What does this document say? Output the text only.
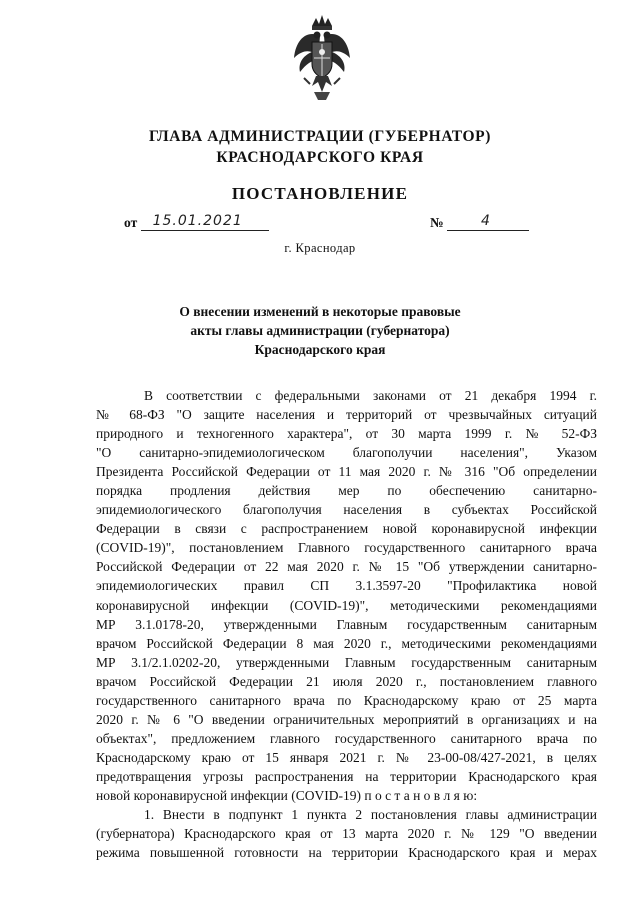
ГЛАВА АДМИНИСТРАЦИИ (ГУБЕРНАТОР)
КРАСНОДАРСКОГО КРАЯ
ПОСТАНОВЛЕНИЕ
от 15.01.2021	№	4
г. Краснодар
О внесении изменений в некоторые правовые
акты главы администрации (губернатора)
Краснодарского края
В соответствии с федеральными законами от 21 декабря 1994 г.
№ 68-ФЗ "О защите населения и территорий от чрезвычайных ситуаций
природного и техногенного характера", от 30 марта 1999 г. № 52-ФЗ
"О санитарно-эпидемиологическом благополучии населения", Указом
Президента Российской Федерации от 11 мая 2020 г. № 316 "Об определении
порядка продления действия мер по обеспечению санитарно-
эпидемиологического благополучия населения в субъектах Российской
Федерации в связи с распространением новой коронавирусной инфекции
(COVID-19)", постановлением Главного государственного санитарного врача
Российской Федерации от 22 мая 2020 г. № 15 "Об утверждении санитарно-
эпидемиологических правил СП 3.1.3597-20 "Профилактика новой
коронавирусной инфекции (COVID-19)", методическими рекомендациями
МР 3.1.0178-20, утвержденными Главным государственным санитарным
врачом Российской Федерации 8 мая 2020 г., методическими рекомендациями
МР 3.1/2.1.0202-20, утвержденными Главным государственным санитарным
врачом Российской Федерации 21 июля 2020 г., постановлением главного
государственного санитарного врача по Краснодарскому краю от 25 марта
2020 г. № 6 "О введении ограничительных мероприятий в организациях и на
объектах", предложением главного государственного санитарного врача по
Краснодарскому краю от 15 января 2021 г. № 23-00-08/427-2021, в целях
предотвращения угрозы распространения на территории Краснодарского края
новой коронавирусной инфекции (COVID-19) п о с т а н о в л я ю:
1. Внести в подпункт 1 пункта 2 постановления главы администрации
(губернатора) Краснодарского края от 13 марта 2020 г. № 129 "О введении
режима повышенной готовности на территории Краснодарского края и мерах
